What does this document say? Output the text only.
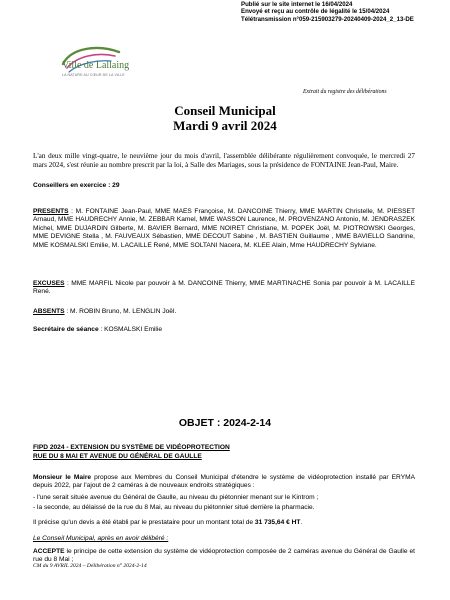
Publié sur le site internet le 16/04/2024
Envoyé et reçu au contrôle de légalité le 15/04/2024
Télétransmission n°059-215903279-20240409-2024_2_13-DE
Ville de Lallaing
LA NATURE AU CŒUR DE LA VILLE
Extrait du registre des délibérations
Conseil Municipal
Mardi 9 avril 2024
L'an deux mille vingt-quatre, le neuvième jour du mois d'avril, l'assemblée délibérante régulièrement convoquée, le mercredi 27 mars 2024, s'est réunie au nombre prescrit par la loi, à Salle des Mariages, sous la présidence de FONTAINE Jean-Paul, Maire.
Conseillers en exercice : 29
PRESENTS : M. FONTAINE Jean-Paul, MME MAES Françoise, M. DANCOINE Thierry, MME MARTIN Christelle, M. PIESSET Arnaud, MME HAUDRECHY Annie, M. ZEBBAR Kamel, MME WASSON Laurence, M. PROVENZANO Antonio, M. JENDRASZEK Michel, MME DUJARDIN Gilberte, M. BAVIER Bernard, MME NOIRET Christiane, M. POPEK Joël, M. PIOTROWSKI Georges, MME DEVIGNE Stella , M. FAUVEAUX Sébastien, MME DECOUT Sabine , M. BASTIEN Guillaume , MME BAVIELLO Sandrine, MME KOSMALSKI Emilie, M. LACAILLE René, MME SOLTANI Nacera, M. KLEE Alain, Mme HAUDRECHY Sylviane.
EXCUSES : MME MARFIL Nicole par pouvoir à M. DANCOINE Thierry, MME MARTINACHE Sonia par pouvoir à M. LACAILLE René.
ABSENTS : M. ROBIN Bruno, M. LENGLIN Joël.
Secrétaire de séance : KOSMALSKI Emilie
OBJET : 2024-2-14
FIPD 2024 - EXTENSION DU SYSTÈME DE VIDÉOPROTECTION
RUE DU 8 MAI ET AVENUE DU GÉNÉRAL DE GAULLE
Monsieur le Maire propose aux Membres du Conseil Municipal d'étendre le système de vidéoprotection installé par ERYMA depuis 2022, par l'ajout de 2 caméras à de nouveaux endroits stratégiques :
- l'une serait située avenue du Général de Gaulle, au niveau du piétonnier menant sur le Kintrom ;
- la seconde, au délaissé de la rue du 8 Mai, au niveau du piétonnier situé derrière la pharmacie.
Il précise qu'un devis a été établi par le prestataire pour un montant total de 31 735,64 € HT.
Le Conseil Municipal, après en avoir délibéré :
ACCEPTE le principe de cette extension du système de vidéoprotection composée de 2 caméras avenue du Général de Gaulle et rue du 8 Mai ;
CM du 9 AVRIL 2024 – Délibération n° 2024-2-14
